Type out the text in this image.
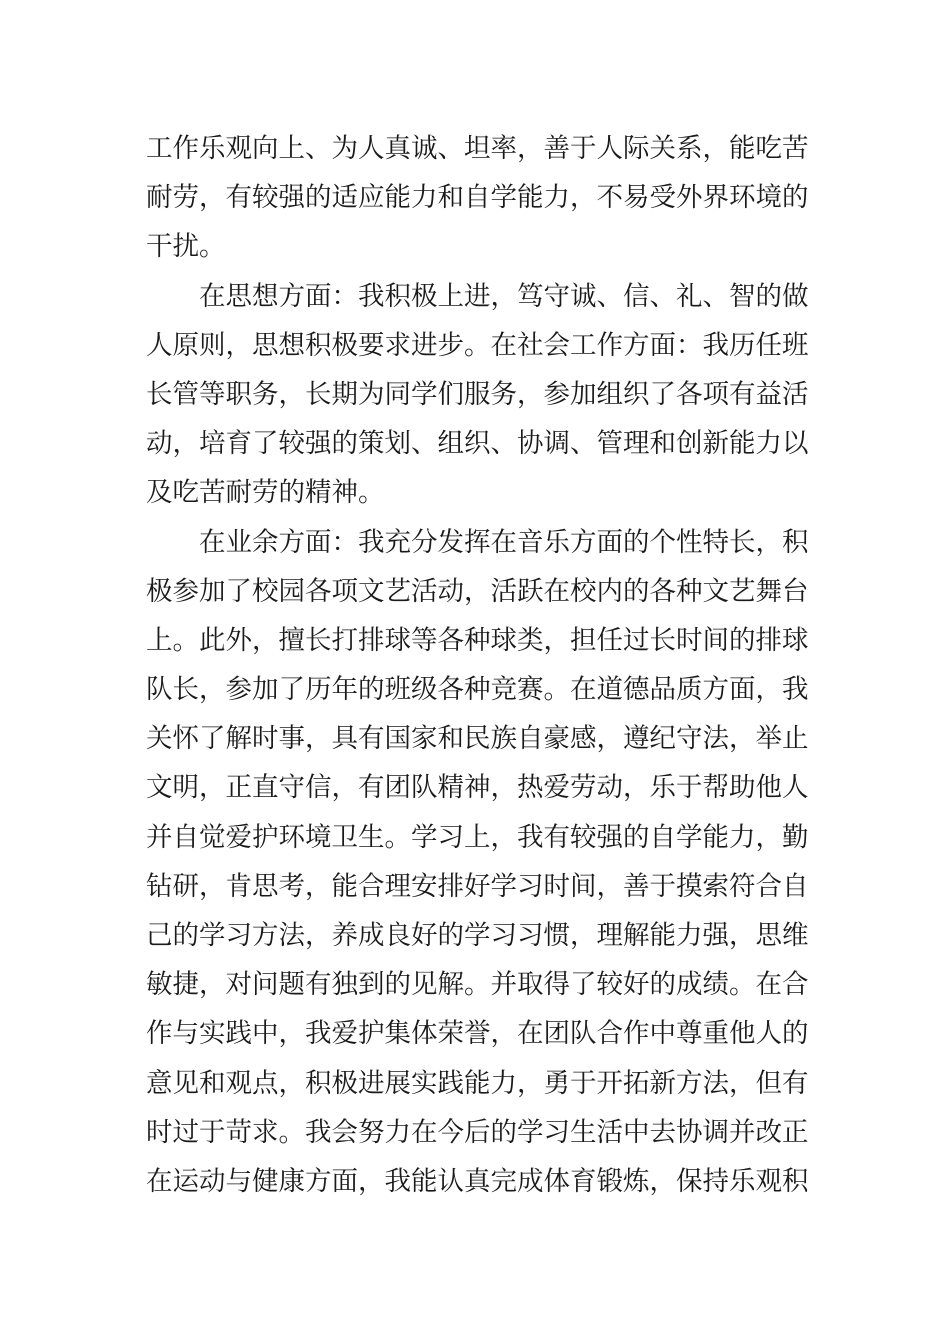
工作乐观向上、为人真诚、坦率，善于人际关系，能吃苦
耐劳，有较强的适应能力和自学能力，不易受外界环境的
干扰。
在思想方面：我积极上进，笃守诚、信、礼、智的做
人原则，思想积极要求进步。在社会工作方面：我历任班
长管等职务，长期为同学们服务，参加组织了各项有益活
动，培育了较强的策划、组织、协调、管理和创新能力以
及吃苦耐劳的精神。
在业余方面：我充分发挥在音乐方面的个性特长，积
极参加了校园各项文艺活动，活跃在校内的各种文艺舞台
上。此外，擅长打排球等各种球类，担任过长时间的排球
队长，参加了历年的班级各种竞赛。在道德品质方面，我
关怀了解时事，具有国家和民族自豪感，遵纪守法，举止
文明，正直守信，有团队精神，热爱劳动，乐于帮助他人
并自觉爱护环境卫生。学习上，我有较强的自学能力，勤
钻研，肯思考，能合理安排好学习时间，善于摸索符合自
己的学习方法，养成良好的学习习惯，理解能力强，思维
敏捷，对问题有独到的见解。并取得了较好的成绩。在合
作与实践中，我爱护集体荣誉，在团队合作中尊重他人的
意见和观点，积极进展实践能力，勇于开拓新方法，但有
时过于苛求。我会努力在今后的学习生活中去协调并改正
在运动与健康方面，我能认真完成体育锻炼，保持乐观积
